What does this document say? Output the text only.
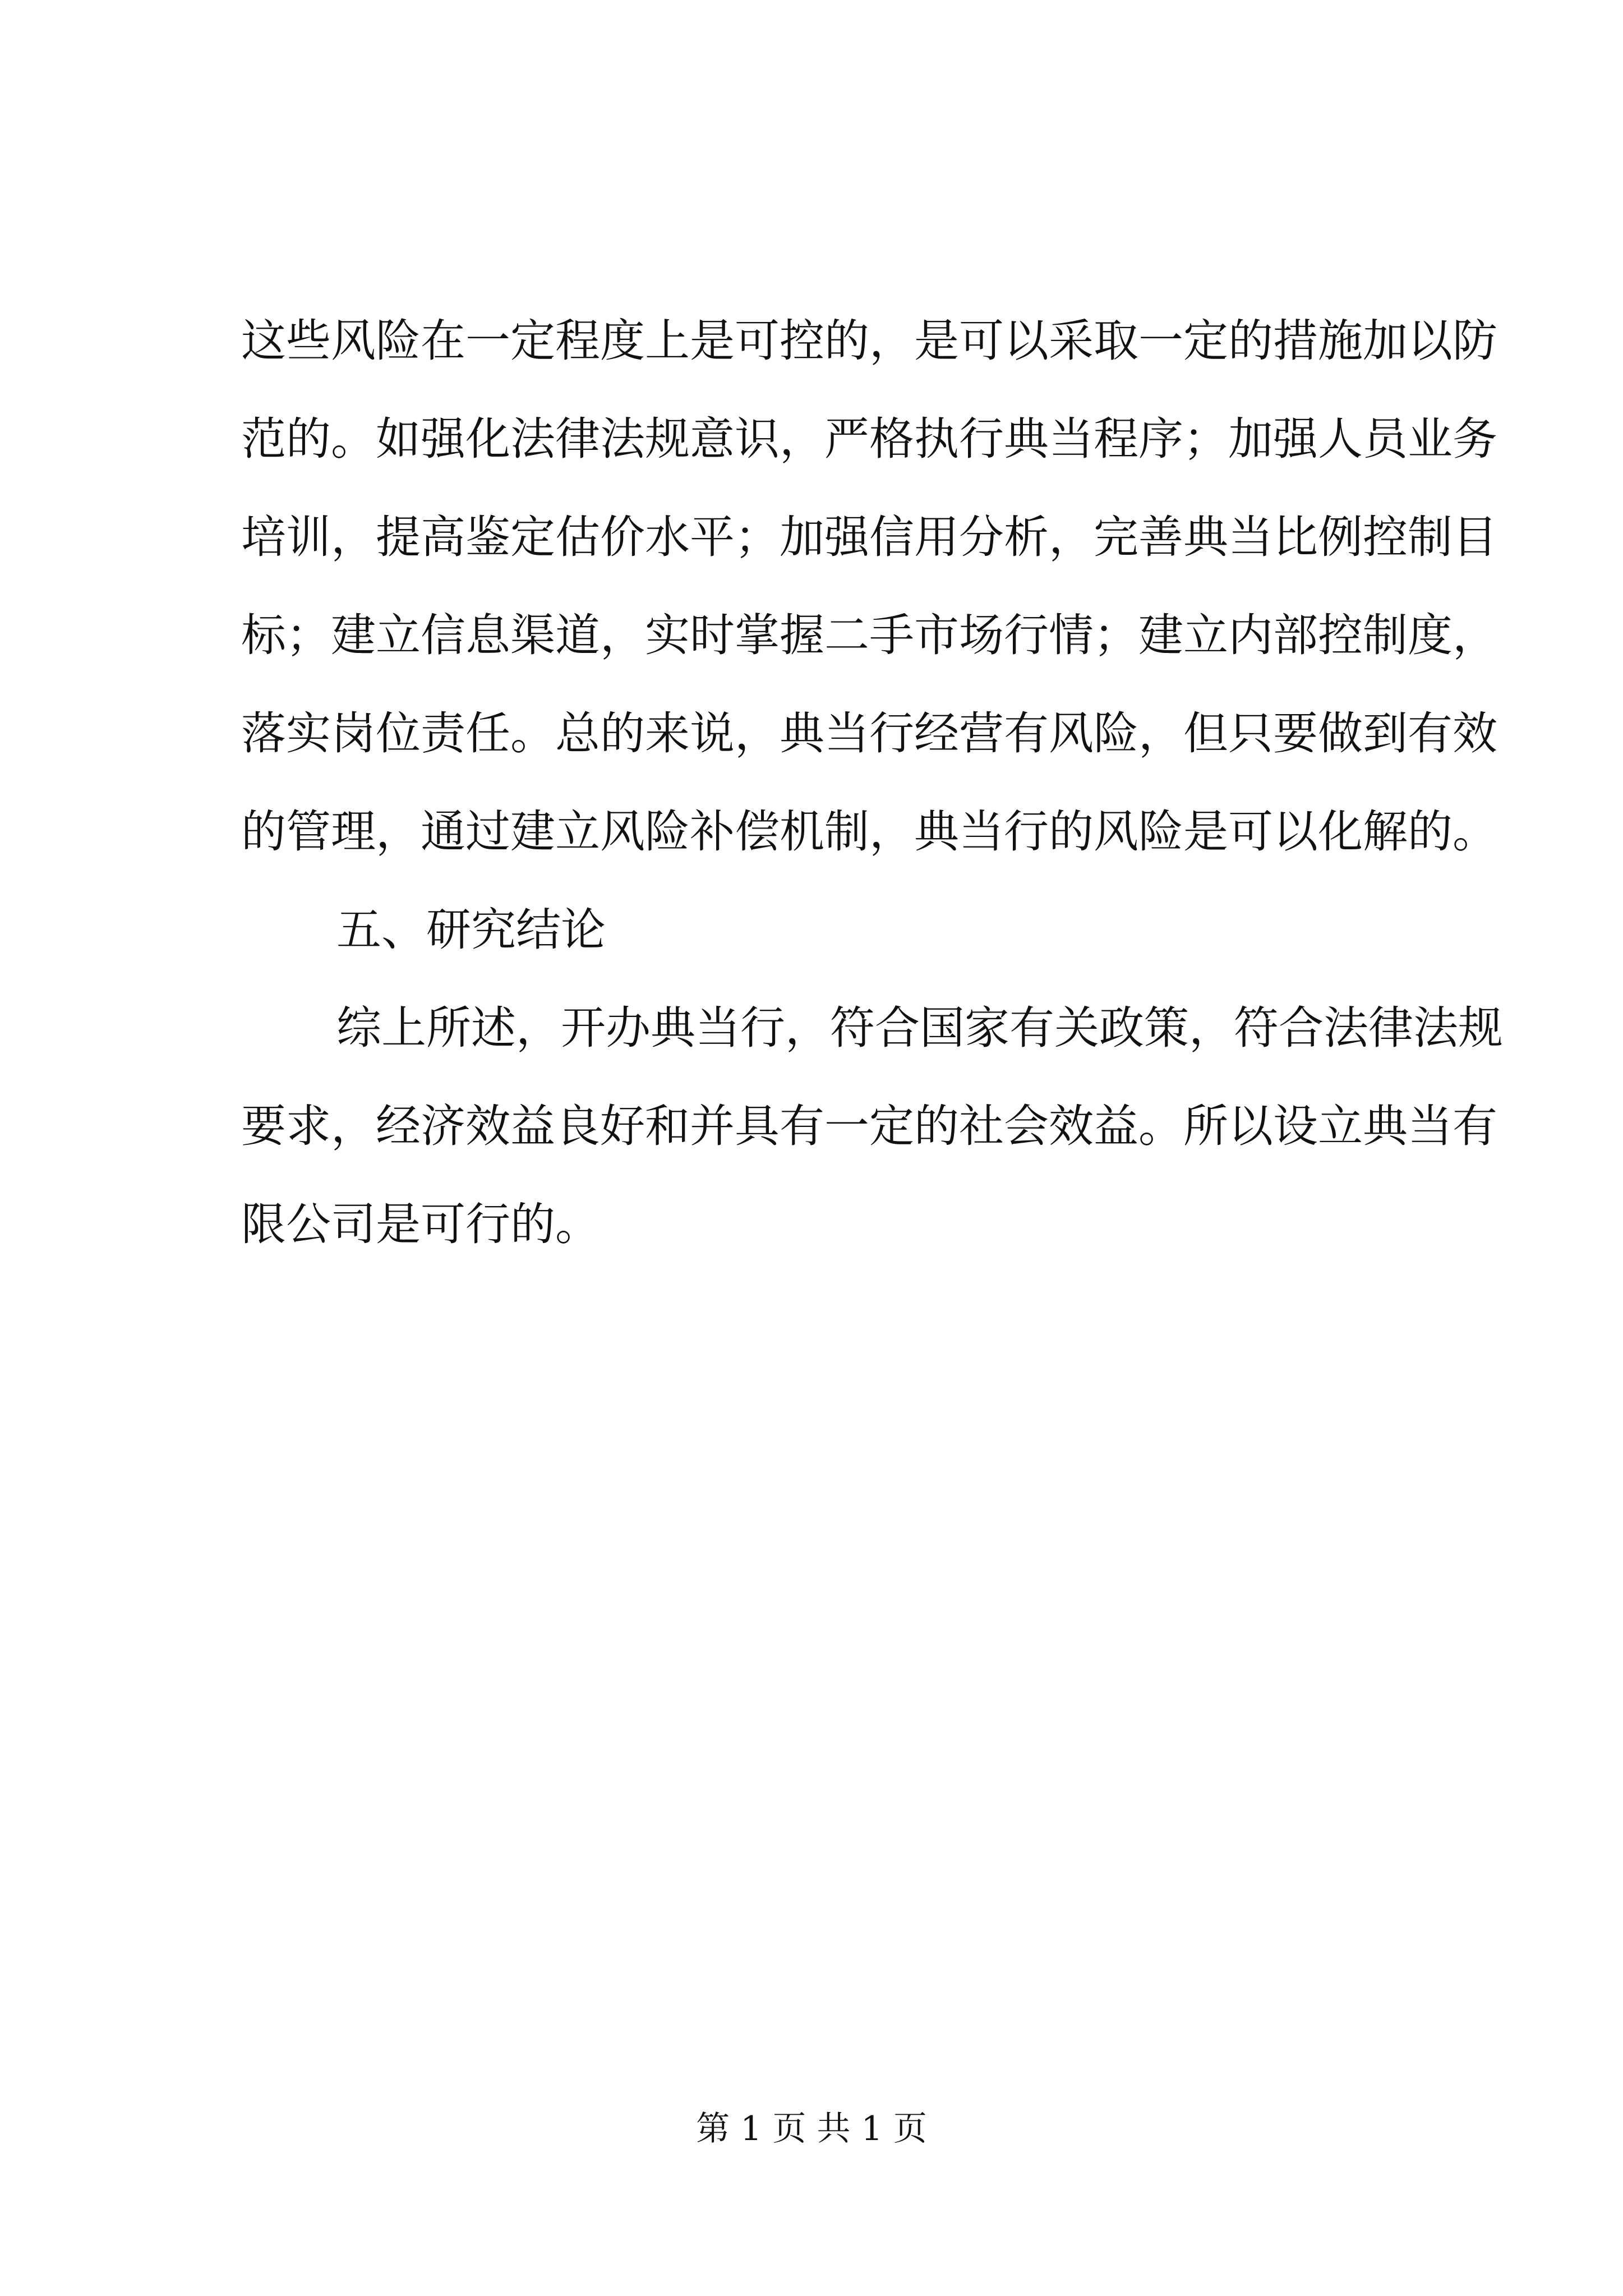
这些风险在一定程度上是可控的，是可以采取一定的措施加以防
范的。如强化法律法规意识，严格执行典当程序；加强人员业务
培训，提高鉴定估价水平；加强信用分析，完善典当比例控制目
标；建立信息渠道，实时掌握二手市场行情；建立内部控制度，
落实岗位责任。总的来说，典当行经营有风险，但只要做到有效
的管理，通过建立风险补偿机制，典当行的风险是可以化解的。
五、研究结论
综上所述，开办典当行，符合国家有关政策，符合法律法规
要求，经济效益良好和并具有一定的社会效益。所以设立典当有
限公司是可行的。
第 1 页 共 1 页
